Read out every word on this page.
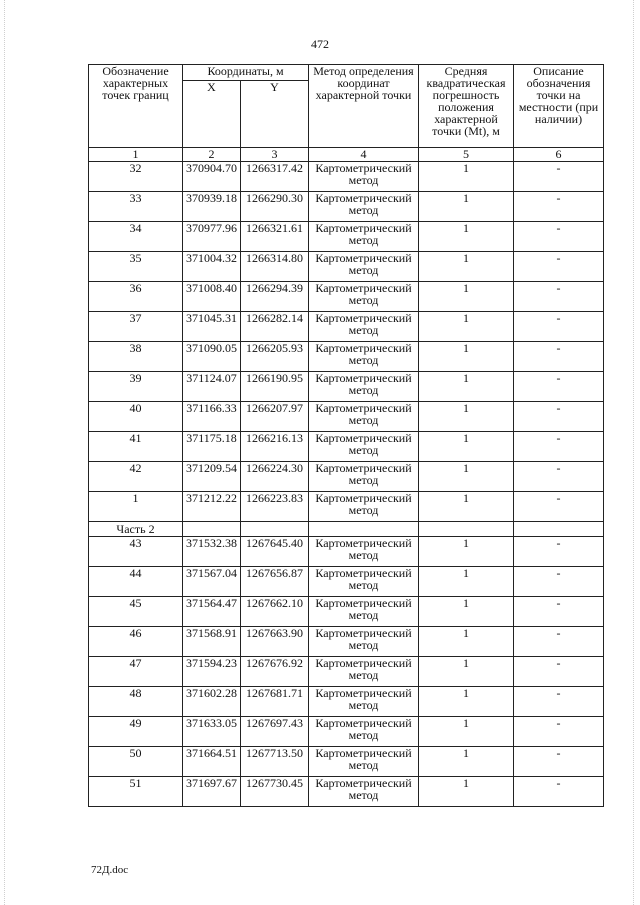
472
Обозначение характерных точек границ	Координаты, м		Метод определения координат характерной точки	Средняя квадратическая погрешность положения характерной точки (Mt), м	Описание обозначения точки на местности (при наличии)
	X	Y			
1	2	3	4	5	6
32	370904.70	1266317.42	Картометрический метод	1	-
33	370939.18	1266290.30	Картометрический метод	1	-
34	370977.96	1266321.61	Картометрический метод	1	-
35	371004.32	1266314.80	Картометрический метод	1	-
36	371008.40	1266294.39	Картометрический метод	1	-
37	371045.31	1266282.14	Картометрический метод	1	-
38	371090.05	1266205.93	Картометрический метод	1	-
39	371124.07	1266190.95	Картометрический метод	1	-
40	371166.33	1266207.97	Картометрический метод	1	-
41	371175.18	1266216.13	Картометрический метод	1	-
42	371209.54	1266224.30	Картометрический метод	1	-
1	371212.22	1266223.83	Картометрический метод	1	-
Часть 2					
43	371532.38	1267645.40	Картометрический метод	1	-
44	371567.04	1267656.87	Картометрический метод	1	-
45	371564.47	1267662.10	Картометрический метод	1	-
46	371568.91	1267663.90	Картометрический метод	1	-
47	371594.23	1267676.92	Картометрический метод	1	-
48	371602.28	1267681.71	Картометрический метод	1	-
49	371633.05	1267697.43	Картометрический метод	1	-
50	371664.51	1267713.50	Картометрический метод	1	-
51	371697.67	1267730.45	Картометрический метод	1	-
72Д.doc
